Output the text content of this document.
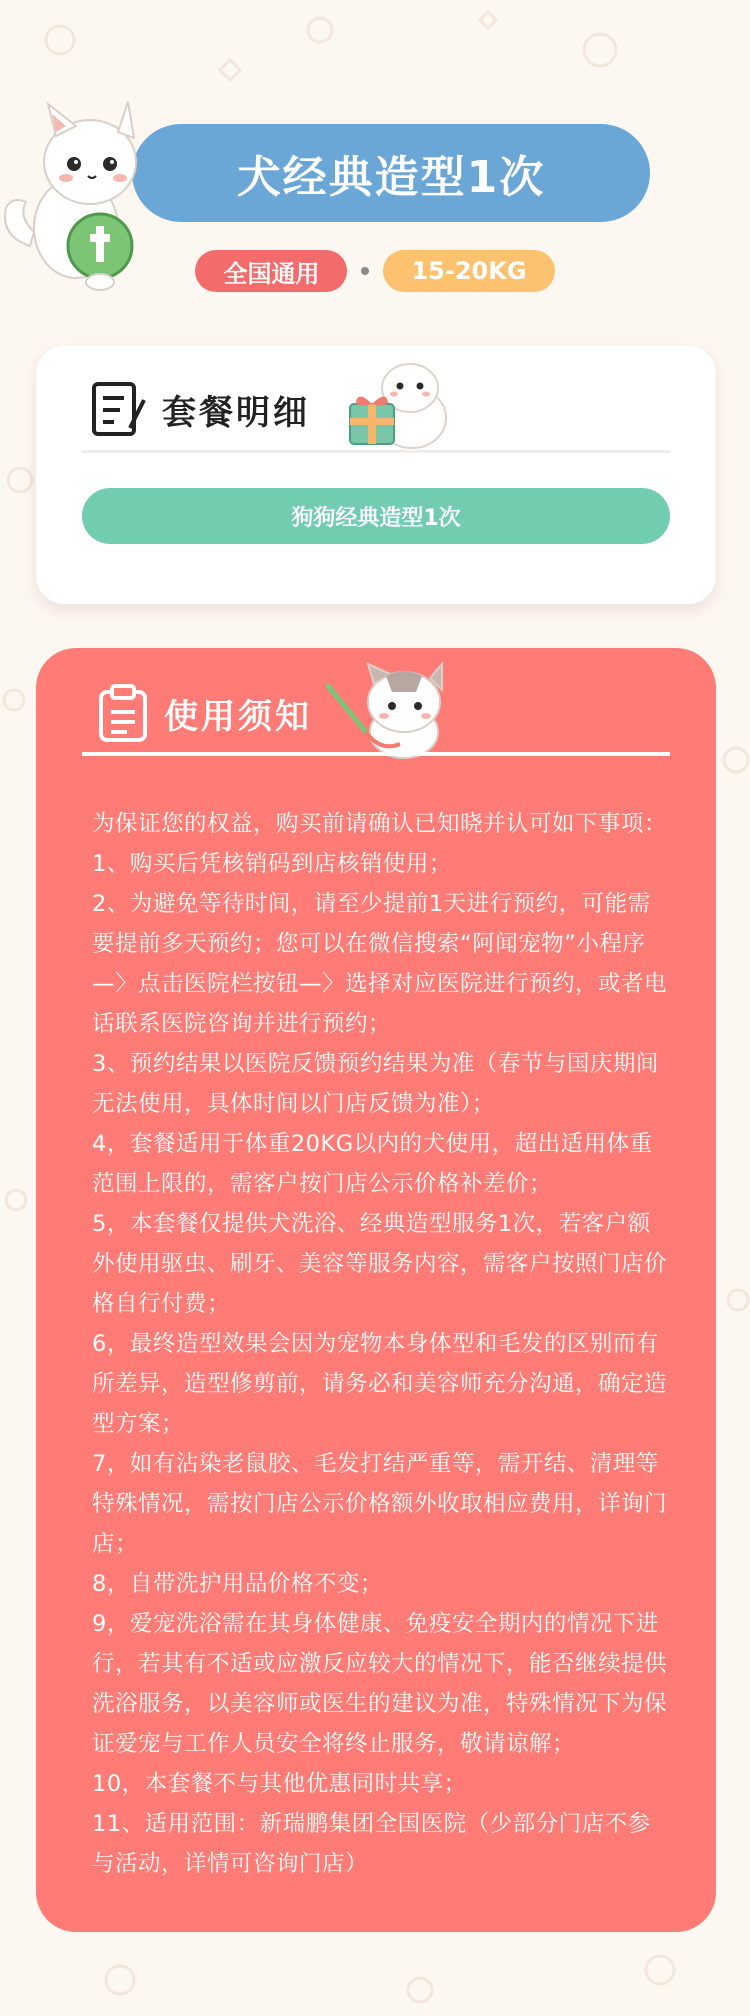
犬经典造型1次
全国通用	15-20KG
套餐明细
狗狗经典造型1次
使用须知
为保证您的权益，购买前请确认已知晓并认可如下事项：
1、购买后凭核销码到店核销使用；
2、为避免等待时间，请至少提前1天进行预约，可能需要提前多天预约；您可以在微信搜索“阿闻宠物”小程序—〉点击医院栏按钮—〉选择对应医院进行预约，或者电话联系医院咨询并进行预约；
3、预约结果以医院反馈预约结果为准（春节与国庆期间无法使用，具体时间以门店反馈为准）；
4，套餐适用于体重20KG以内的犬使用，超出适用体重范围上限的，需客户按门店公示价格补差价；
5，本套餐仅提供犬洗浴、经典造型服务1次，若客户额外使用驱虫、刷牙、美容等服务内容，需客户按照门店价格自行付费；
6，最终造型效果会因为宠物本身体型和毛发的区别而有所差异，造型修剪前，请务必和美容师充分沟通，确定造型方案；
7，如有沾染老鼠胶、毛发打结严重等，需开结、清理等特殊情况，需按门店公示价格额外收取相应费用，详询门店；
8，自带洗护用品价格不变；
9，爱宠洗浴需在其身体健康、免疫安全期内的情况下进行，若其有不适或应激反应较大的情况下，能否继续提供洗浴服务，以美容师或医生的建议为准，特殊情况下为保证爱宠与工作人员安全将终止服务，敬请谅解；
10，本套餐不与其他优惠同时共享；
11、适用范围：新瑞鹏集团全国医院（少部分门店不参与活动，详情可咨询门店）
